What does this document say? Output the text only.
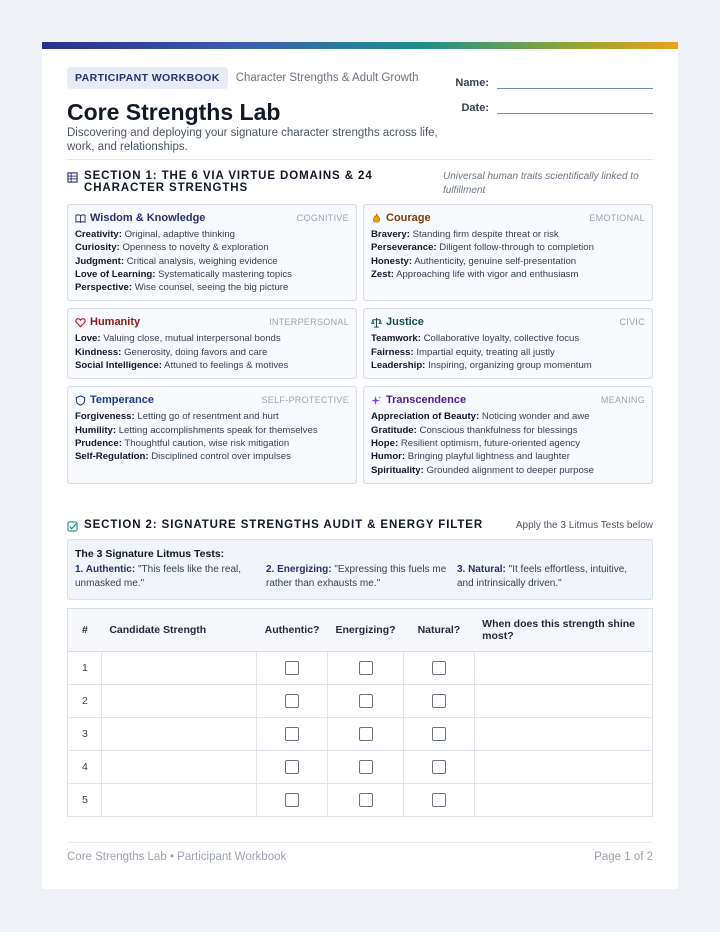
PARTICIPANT WORKBOOK	Character Strengths & Adult Growth
Core Strengths Lab
Discovering and deploying your signature character strengths across life, work, and relationships.
Name:
Date:
SECTION 1: THE 6 VIA VIRTUE DOMAINS & 24 CHARACTER STRENGTHS
Universal human traits scientifically linked to fulfillment
Wisdom & Knowledge	COGNITIVE
Creativity: Original, adaptive thinking
Curiosity: Openness to novelty & exploration
Judgment: Critical analysis, weighing evidence
Love of Learning: Systematically mastering topics
Perspective: Wise counsel, seeing the big picture
Courage	EMOTIONAL
Bravery: Standing firm despite threat or risk
Perseverance: Diligent follow-through to completion
Honesty: Authenticity, genuine self-presentation
Zest: Approaching life with vigor and enthusiasm
Humanity	INTERPERSONAL
Love: Valuing close, mutual interpersonal bonds
Kindness: Generosity, doing favors and care
Social Intelligence: Attuned to feelings & motives
Justice	CIVIC
Teamwork: Collaborative loyalty, collective focus
Fairness: Impartial equity, treating all justly
Leadership: Inspiring, organizing group momentum
Temperance	SELF-PROTECTIVE
Forgiveness: Letting go of resentment and hurt
Humility: Letting accomplishments speak for themselves
Prudence: Thoughtful caution, wise risk mitigation
Self-Regulation: Disciplined control over impulses
Transcendence	MEANING
Appreciation of Beauty: Noticing wonder and awe
Gratitude: Conscious thankfulness for blessings
Hope: Resilient optimism, future-oriented agency
Humor: Bringing playful lightness and laughter
Spirituality: Grounded alignment to deeper purpose
SECTION 2: SIGNATURE STRENGTHS AUDIT & ENERGY FILTER	Apply the 3 Litmus Tests below
The 3 Signature Litmus Tests:
1. Authentic: "This feels like the real, unmasked me."
2. Energizing: "Expressing this fuels me rather than exhausts me."
3. Natural: "It feels effortless, intuitive, and intrinsically driven."
#	Candidate Strength	Authentic?	Energizing?	Natural?	When does this strength shine most?
1		

2		

3		

4		

5		

Core Strengths Lab • Participant Workbook	Page 1 of 2
